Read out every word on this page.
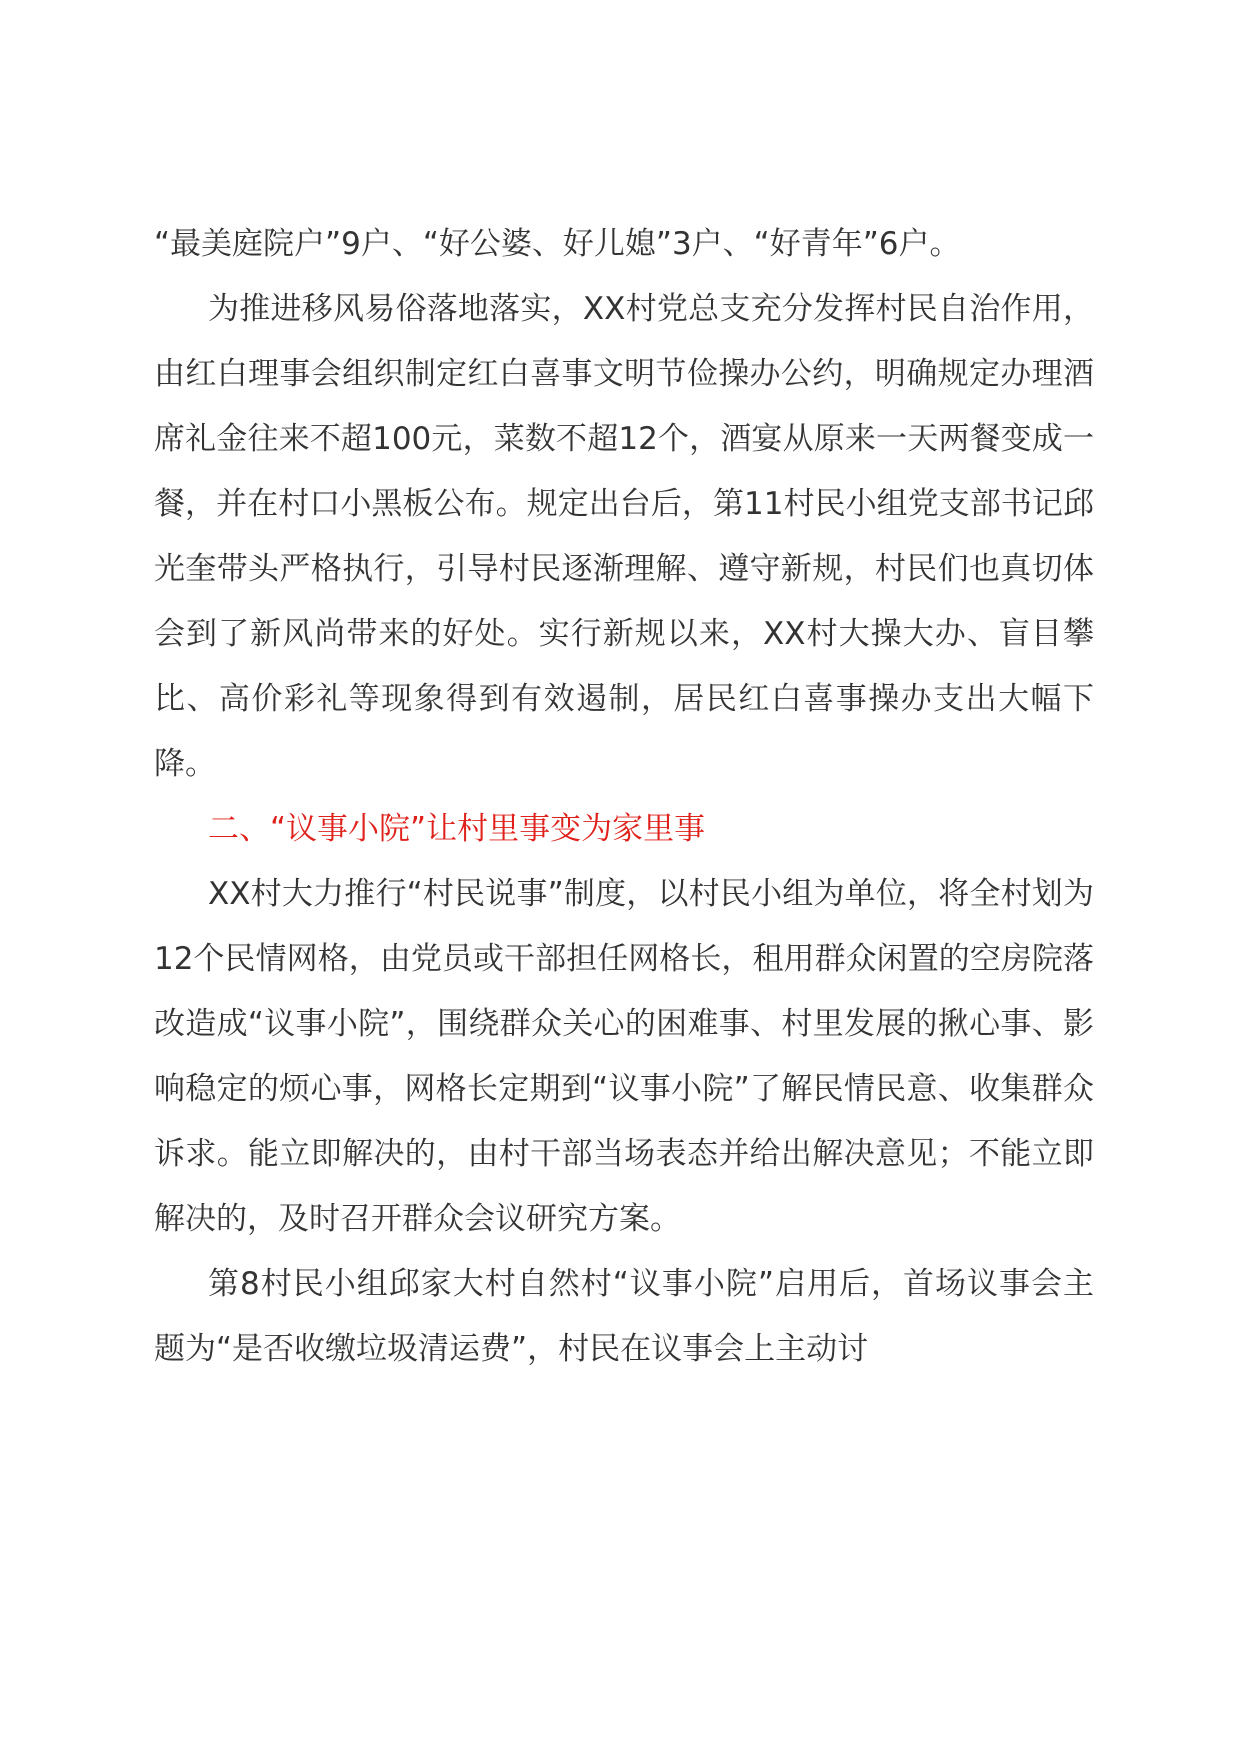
“最美庭院户”9户、“好公婆、好儿媳”3户、“好青年”6户。

为推进移风易俗落地落实，XX村党总支充分发挥村民自治作用，由红白理事会组织制定红白喜事文明节俭操办公约，明确规定办理酒席礼金往来不超100元，菜数不超12个，酒宴从原来一天两餐变成一餐，并在村口小黑板公布。规定出台后，第11村民小组党支部书记邱光奎带头严格执行，引导村民逐渐理解、遵守新规，村民们也真切体会到了新风尚带来的好处。实行新规以来，XX村大操大办、盲目攀比、高价彩礼等现象得到有效遏制，居民红白喜事操办支出大幅下降。

二、“议事小院”让村里事变为家里事

XX村大力推行“村民说事”制度，以村民小组为单位，将全村划为12个民情网格，由党员或干部担任网格长，租用群众闲置的空房院落改造成“议事小院”，围绕群众关心的困难事、村里发展的揪心事、影响稳定的烦心事，网格长定期到“议事小院”了解民情民意、收集群众诉求。能立即解决的，由村干部当场表态并给出解决意见；不能立即解决的，及时召开群众会议研究方案。

第8村民小组邱家大村自然村“议事小院”启用后，首场议事会主题为“是否收缴垃圾清运费”，村民在议事会上主动讨
